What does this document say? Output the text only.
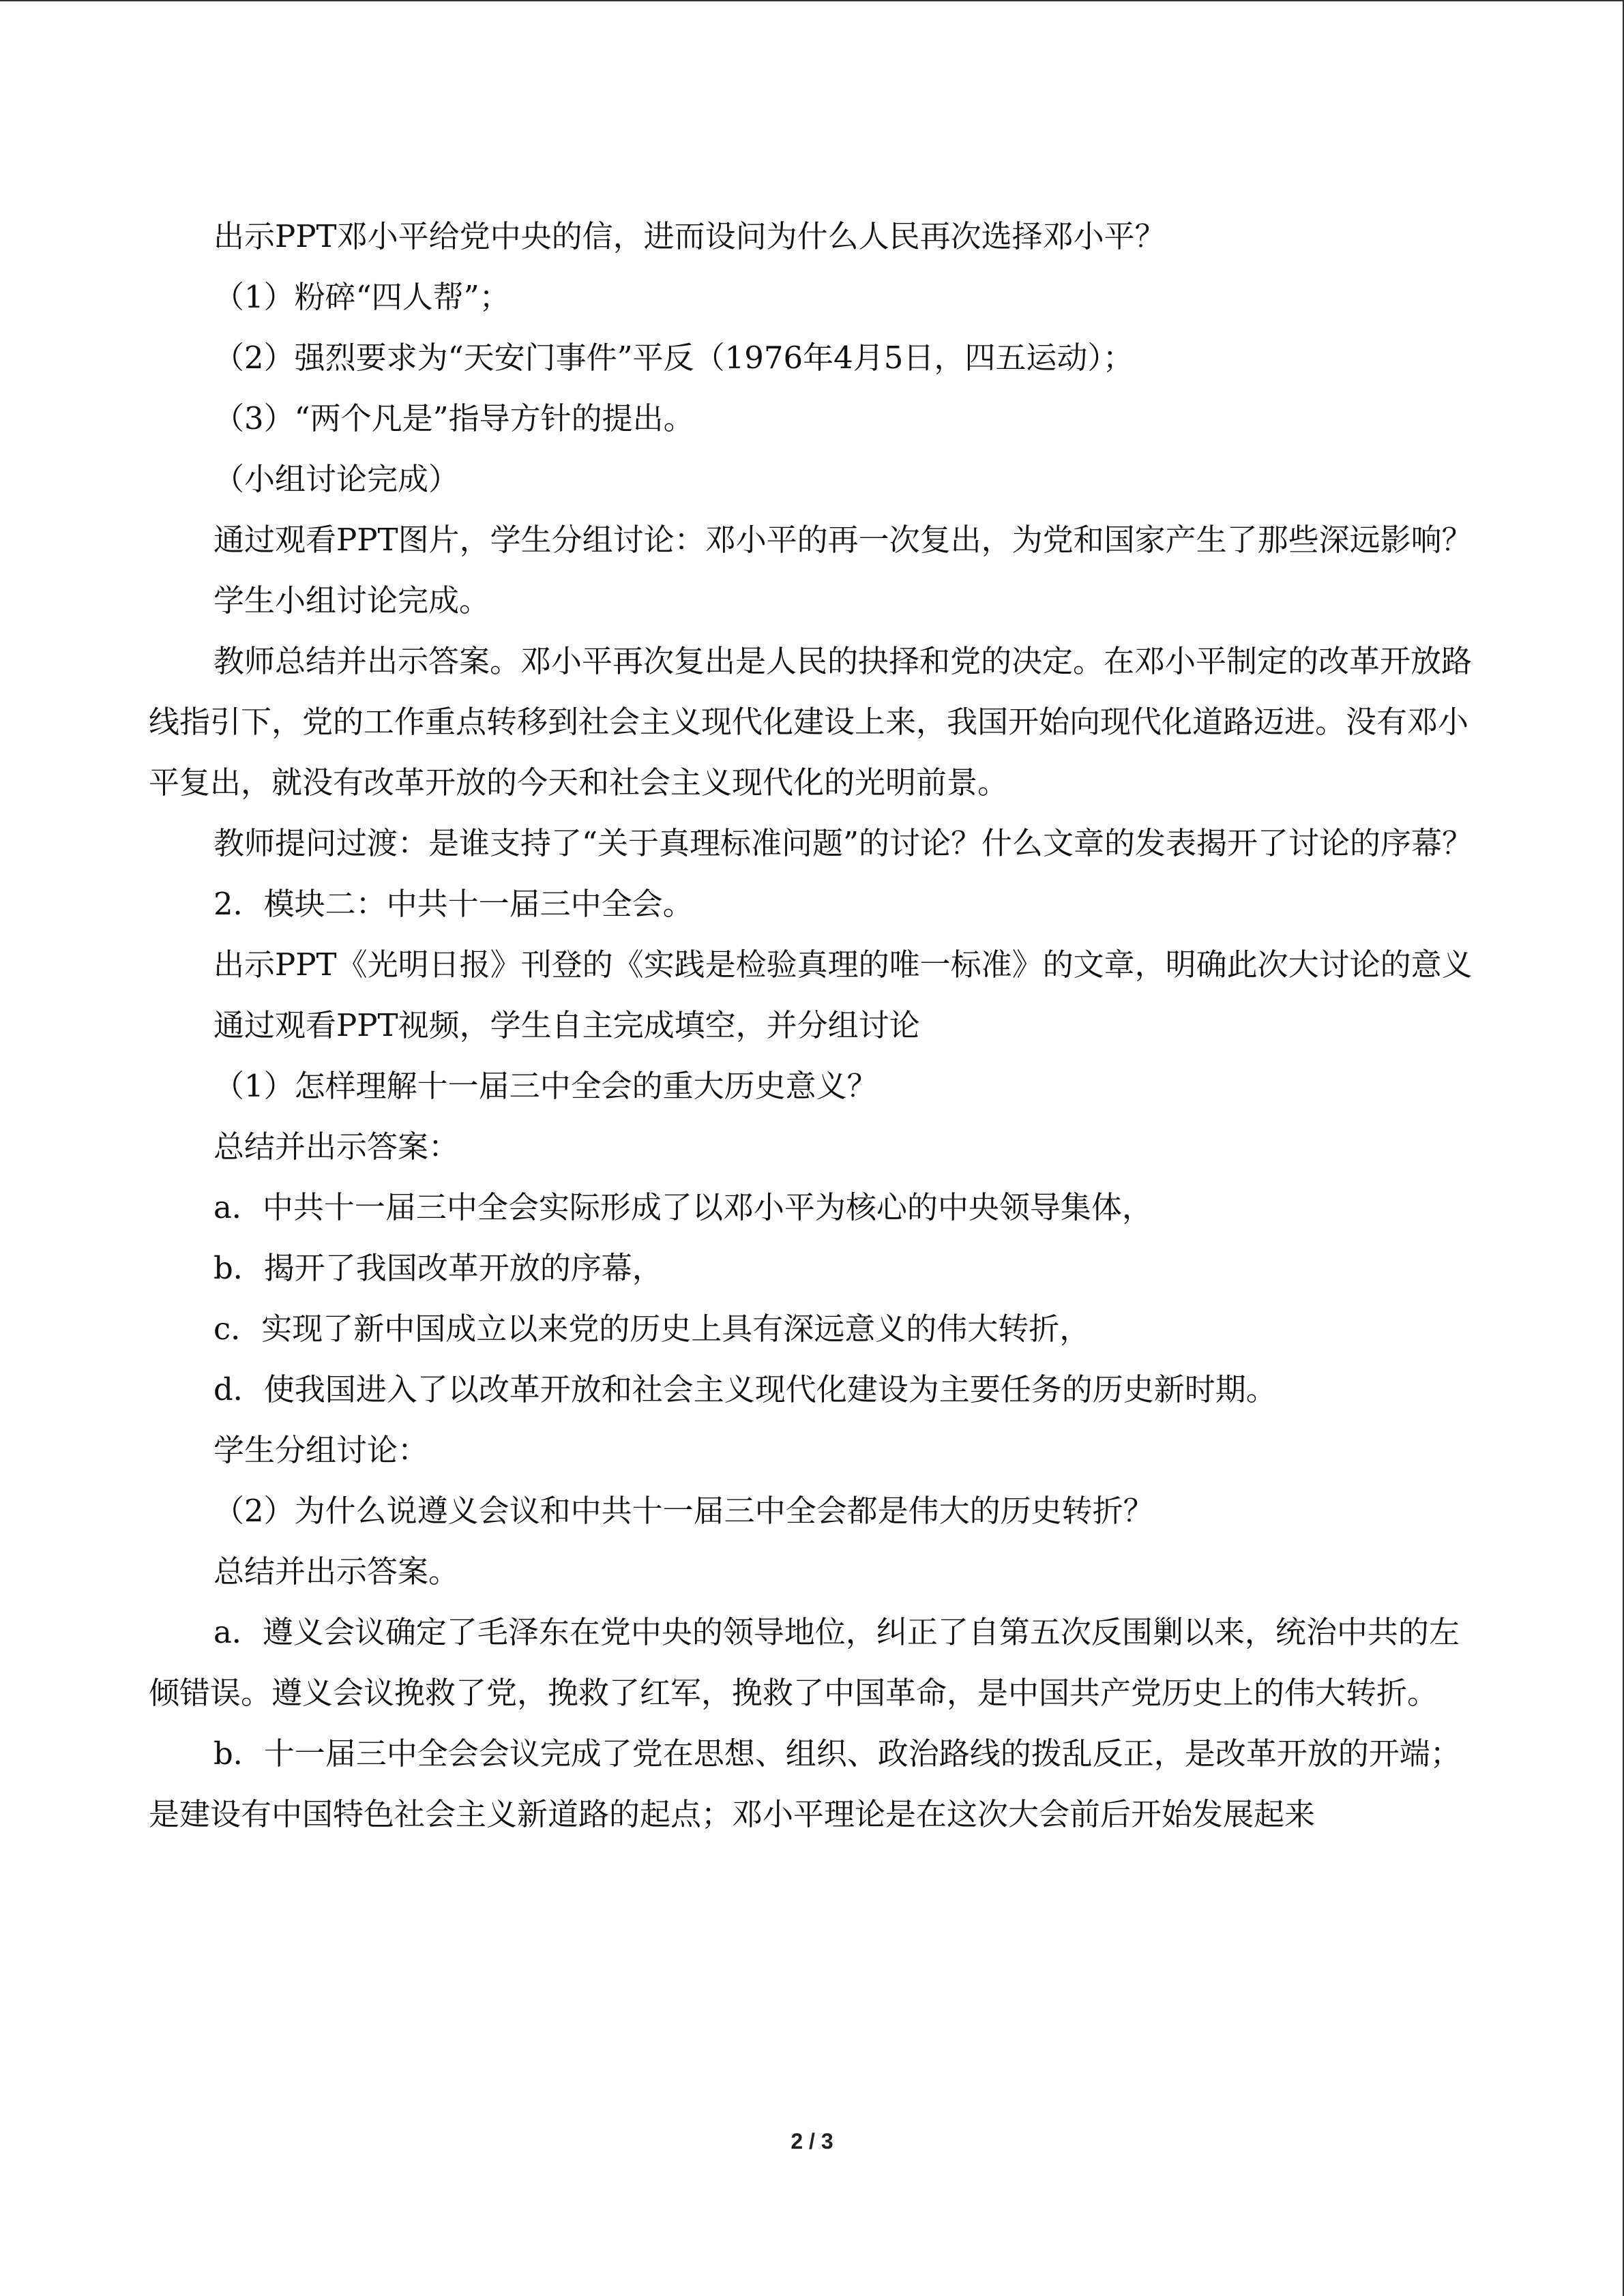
出示PPT邓小平给党中央的信，进而设问为什么人民再次选择邓小平？

（1）粉碎“四人帮”；

（2）强烈要求为“天安门事件”平反（1976年4月5日，四五运动）；

（3）“两个凡是”指导方针的提出。

（小组讨论完成）

通过观看PPT图片，学生分组讨论：邓小平的再一次复出，为党和国家产生了那些深远影响？

学生小组讨论完成。

教师总结并出示答案。邓小平再次复出是人民的抉择和党的决定。在邓小平制定的改革开放路线指引下，党的工作重点转移到社会主义现代化建设上来，我国开始向现代化道路迈进。没有邓小平复出，就没有改革开放的今天和社会主义现代化的光明前景。

教师提问过渡：是谁支持了“关于真理标准问题”的讨论？什么文章的发表揭开了讨论的序幕？

2．模块二：中共十一届三中全会。

出示PPT《光明日报》刊登的《实践是检验真理的唯一标准》的文章，明确此次大讨论的意义

通过观看PPT视频，学生自主完成填空，并分组讨论

（1）怎样理解十一届三中全会的重大历史意义？

总结并出示答案：

a．中共十一届三中全会实际形成了以邓小平为核心的中央领导集体，

b．揭开了我国改革开放的序幕，

c．实现了新中国成立以来党的历史上具有深远意义的伟大转折，

d．使我国进入了以改革开放和社会主义现代化建设为主要任务的历史新时期。

学生分组讨论：

（2）为什么说遵义会议和中共十一届三中全会都是伟大的历史转折？

总结并出示答案。

a．遵义会议确定了毛泽东在党中央的领导地位，纠正了自第五次反围剿以来，统治中共的左倾错误。遵义会议挽救了党，挽救了红军，挽救了中国革命，是中国共产党历史上的伟大转折。

b．十一届三中全会会议完成了党在思想、组织、政治路线的拨乱反正，是改革开放的开端；是建设有中国特色社会主义新道路的起点；邓小平理论是在这次大会前后开始发展起来

2 / 3
